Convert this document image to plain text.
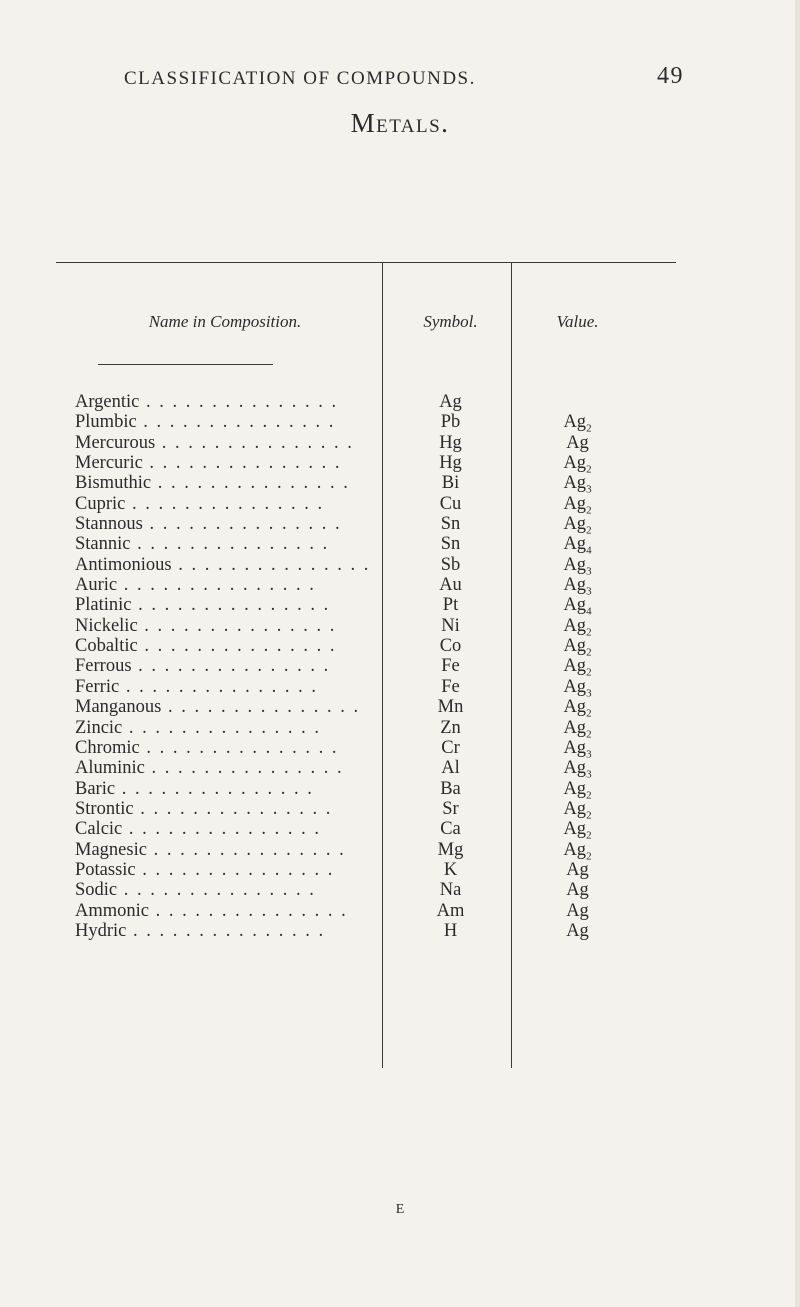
CLASSIFICATION OF COMPOUNDS.	49
Metals.
Name in Composition.	Symbol.	Value.
Argentic . . . . . . . . . . . . . . .	Ag
Plumbic . . . . . . . . . . . . . . .	Pb	$Ag_2$
Mercurous . . . . . . . . . . . . . . .	Hg	Ag
Mercuric . . . . . . . . . . . . . . .	Hg	$Ag_2$
Bismuthic . . . . . . . . . . . . . . .	Bi	$Ag_3$
Cupric . . . . . . . . . . . . . . .	Cu	$Ag_2$
Stannous . . . . . . . . . . . . . . .	Sn	$Ag_2$
Stannic . . . . . . . . . . . . . . .	Sn	$Ag_4$
Antimonious . . . . . . . . . . . . . . .	Sb	$Ag_3$
Auric . . . . . . . . . . . . . . .	Au	$Ag_3$
Platinic . . . . . . . . . . . . . . .	Pt	$Ag_4$
Nickelic . . . . . . . . . . . . . . .	Ni	$Ag_2$
Cobaltic . . . . . . . . . . . . . . .	Co	$Ag_2$
Ferrous . . . . . . . . . . . . . . .	Fe	$Ag_2$
Ferric . . . . . . . . . . . . . . .	Fe	$Ag_3$
Manganous . . . . . . . . . . . . . . .	Mn	$Ag_2$
Zincic . . . . . . . . . . . . . . .	Zn	$Ag_2$
Chromic . . . . . . . . . . . . . . .	Cr	$Ag_3$
Aluminic . . . . . . . . . . . . . . .	Al	$Ag_3$
Baric . . . . . . . . . . . . . . .	Ba	$Ag_2$
Strontic . . . . . . . . . . . . . . .	Sr	$Ag_2$
Calcic . . . . . . . . . . . . . . .	Ca	$Ag_2$
Magnesic . . . . . . . . . . . . . . .	Mg	$Ag_2$
Potassic . . . . . . . . . . . . . . .	K	Ag
Sodic . . . . . . . . . . . . . . .	Na	Ag
Ammonic . . . . . . . . . . . . . . .	Am	Ag
Hydric . . . . . . . . . . . . . . .	H	Ag
E
